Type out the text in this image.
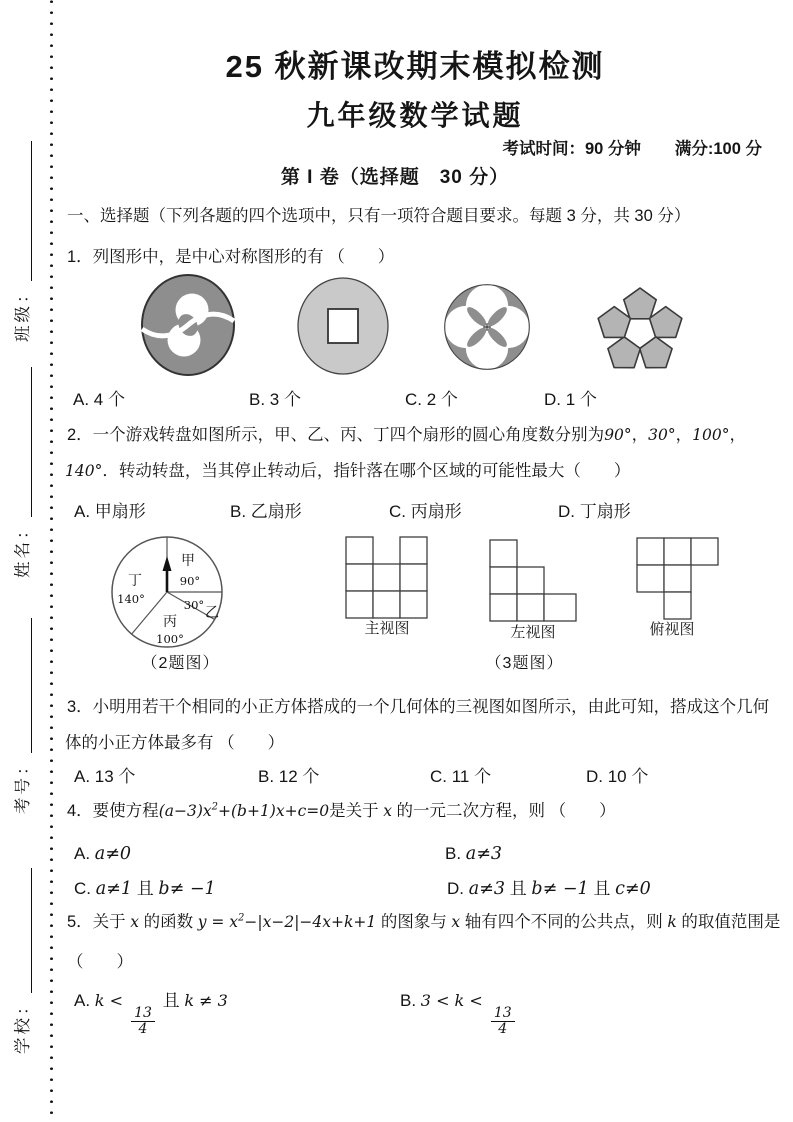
班级：
姓名：
考号：
学校：
25 秋新课改期末模拟检测
九年级数学试题
考试时间：90 分钟 满分:100 分
第 I 卷（选择题　30 分）
一、选择题（下列各题的四个选项中，只有一项符合题目要求。每题 3 分，共 30 分）
1．列图形中，是中心对称图形的有 （　　）
A. 4 个	B. 3 个	C. 2 个	D. 1 个
2．一个游戏转盘如图所示，甲、乙、丙、丁四个扇形的圆心角度数分别为90°，30°，100°，
140°．转动转盘，当其停止转动后，指针落在哪个区域的可能性最大（　　）
A. 甲扇形	B. 乙扇形	C. 丙扇形	D. 丁扇形
甲
90°
乙
30°
丙
100°
丁
140°
主视图	左视图	俯视图
（2题图）	（3题图）
3．小明用若干个相同的小正方体搭成的一个几何体的三视图如图所示，由此可知，搭成这个几何
体的小正方体最多有 （　　）
A. 13 个	B. 12 个	C. 11 个	D. 10 个
4．要使方程$(a-3)x^2+(b+1)x+c=0$是关于 x 的一元二次方程，则 （　　）
A. a≠0	B. a≠3
C. a≠1 且 b≠ −1	D. a≠3 且 b≠ −1 且 c≠0
5．关于 x 的函数 $y = x^2-|x-2|-4x+k+1$ 的图象与 x 轴有四个不同的公共点，则 k 的取值范围是
（　　）
A. k <
$\frac{13}{4}$
且 k ≠ 3	B. 3 < k <
$\frac{13}{4}$
